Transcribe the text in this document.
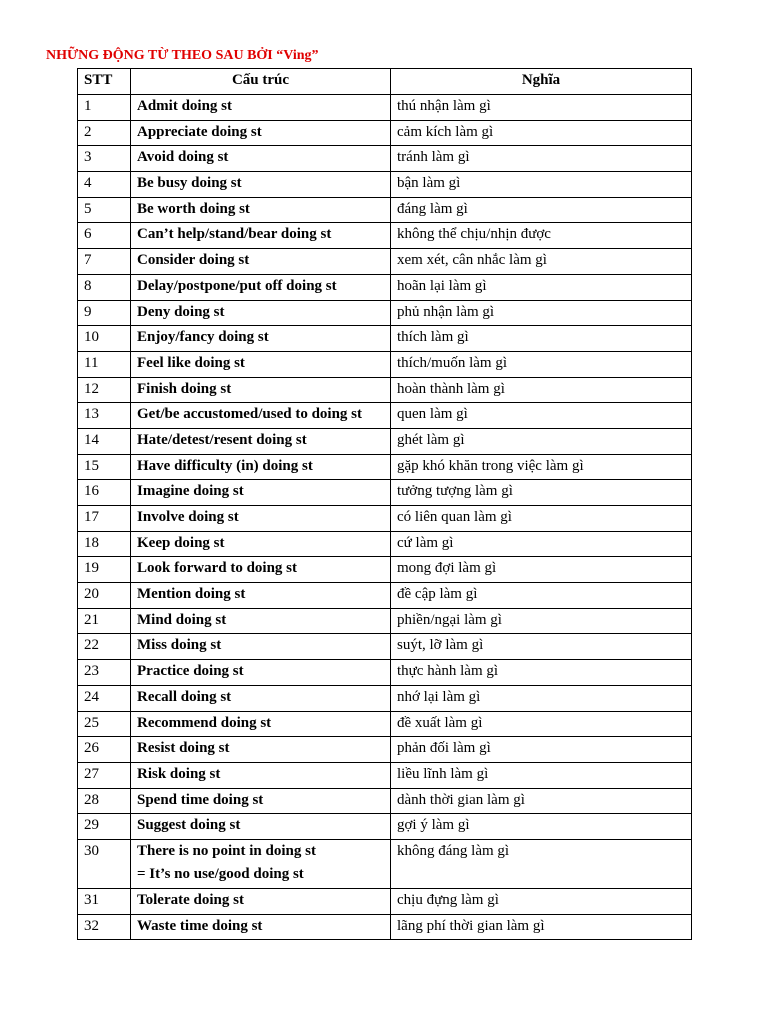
NHỮNG ĐỘNG TỪ THEO SAU BỞI “Ving”
STT	Cấu trúc	Nghĩa
1	Admit doing st	thú nhận làm gì
2	Appreciate doing st	cảm kích làm gì
3	Avoid doing st	tránh làm gì
4	Be busy doing st	bận làm gì
5	Be worth doing st	đáng làm gì
6	Can’t help/stand/bear doing st	không thể chịu/nhịn được
7	Consider doing st	xem xét, cân nhắc làm gì
8	Delay/postpone/put off doing st	hoãn lại làm gì
9	Deny doing st	phủ nhận làm gì
10	Enjoy/fancy doing st	thích làm gì
11	Feel like doing st	thích/muốn làm gì
12	Finish doing st	hoàn thành làm gì
13	Get/be accustomed/used to doing st	quen làm gì
14	Hate/detest/resent doing st	ghét làm gì
15	Have difficulty (in) doing st	gặp khó khăn trong việc làm gì
16	Imagine doing st	tưởng tượng làm gì
17	Involve doing st	có liên quan làm gì
18	Keep doing st	cứ làm gì
19	Look forward to doing st	mong đợi làm gì
20	Mention doing st	đề cập làm gì
21	Mind doing st	phiền/ngại làm gì
22	Miss doing st	suýt, lỡ làm gì
23	Practice doing st	thực hành làm gì
24	Recall doing st	nhớ lại làm gì
25	Recommend doing st	đề xuất làm gì
26	Resist doing st	phản đối làm gì
27	Risk doing st	liều lĩnh làm gì
28	Spend time doing st	dành thời gian làm gì
29	Suggest doing st	gợi ý làm gì
30	There is no point in doing st
= It’s no use/good doing st	không đáng làm gì
31	Tolerate doing st	chịu đựng làm gì
32	Waste time doing st	lãng phí thời gian làm gì
